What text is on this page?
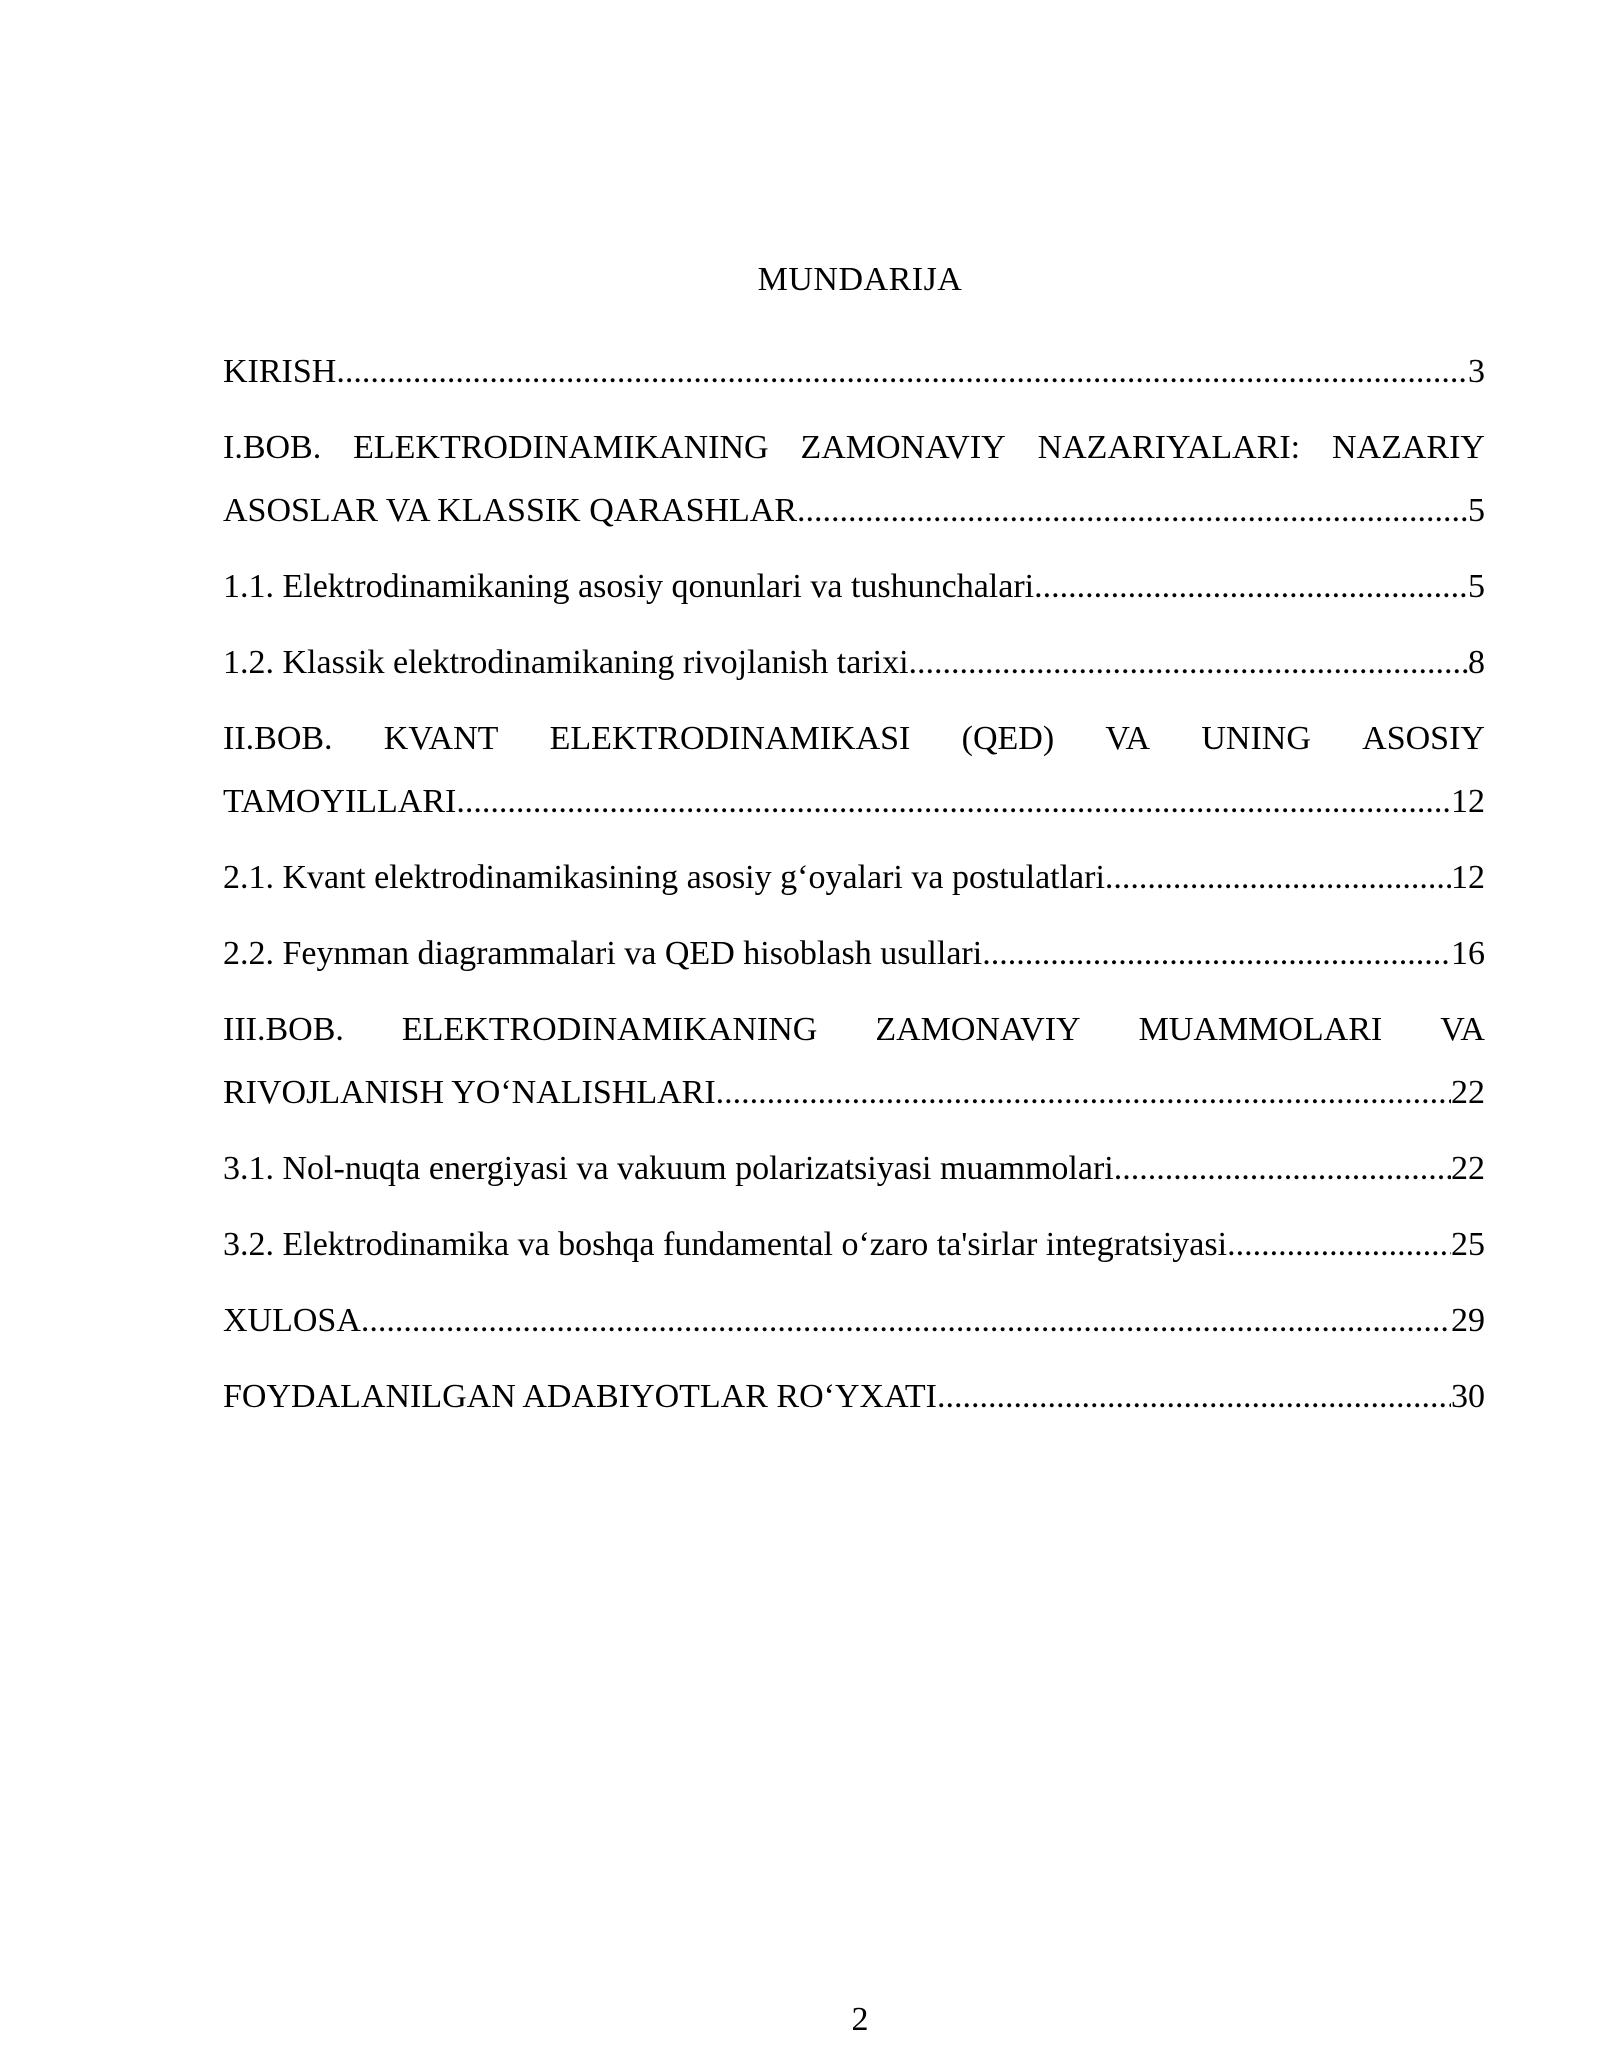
MUNDARIJA
KIRISH .....	3
I.BOB. ELEKTRODINAMIKANING ZAMONAVIY NAZARIYALARI: NAZARIY
ASOSLAR VA KLASSIK QARASHLAR .....	5
1.1. Elektrodinamikaning asosiy qonunlari va tushunchalari .....	5
1.2. Klassik elektrodinamikaning rivojlanish tarixi .....	8
II.BOB. KVANT ELEKTRODINAMIKASI (QED) VA UNING ASOSIY
TAMOYILLARI .....	12
2.1. Kvant elektrodinamikasining asosiy g‘oyalari va postulatlari .....	12
2.2. Feynman diagrammalari va QED hisoblash usullari .....	16
III.BOB. ELEKTRODINAMIKANING ZAMONAVIY MUAMMOLARI VA
RIVOJLANISH YO‘NALISHLARI .....	22
3.1. Nol-nuqta energiyasi va vakuum polarizatsiyasi muammolari .....	22
3.2. Elektrodinamika va boshqa fundamental o‘zaro ta'sirlar integratsiyasi .....	25
XULOSA .....	29
FOYDALANILGAN ADABIYOTLAR RO‘YXATI .....	30
2
